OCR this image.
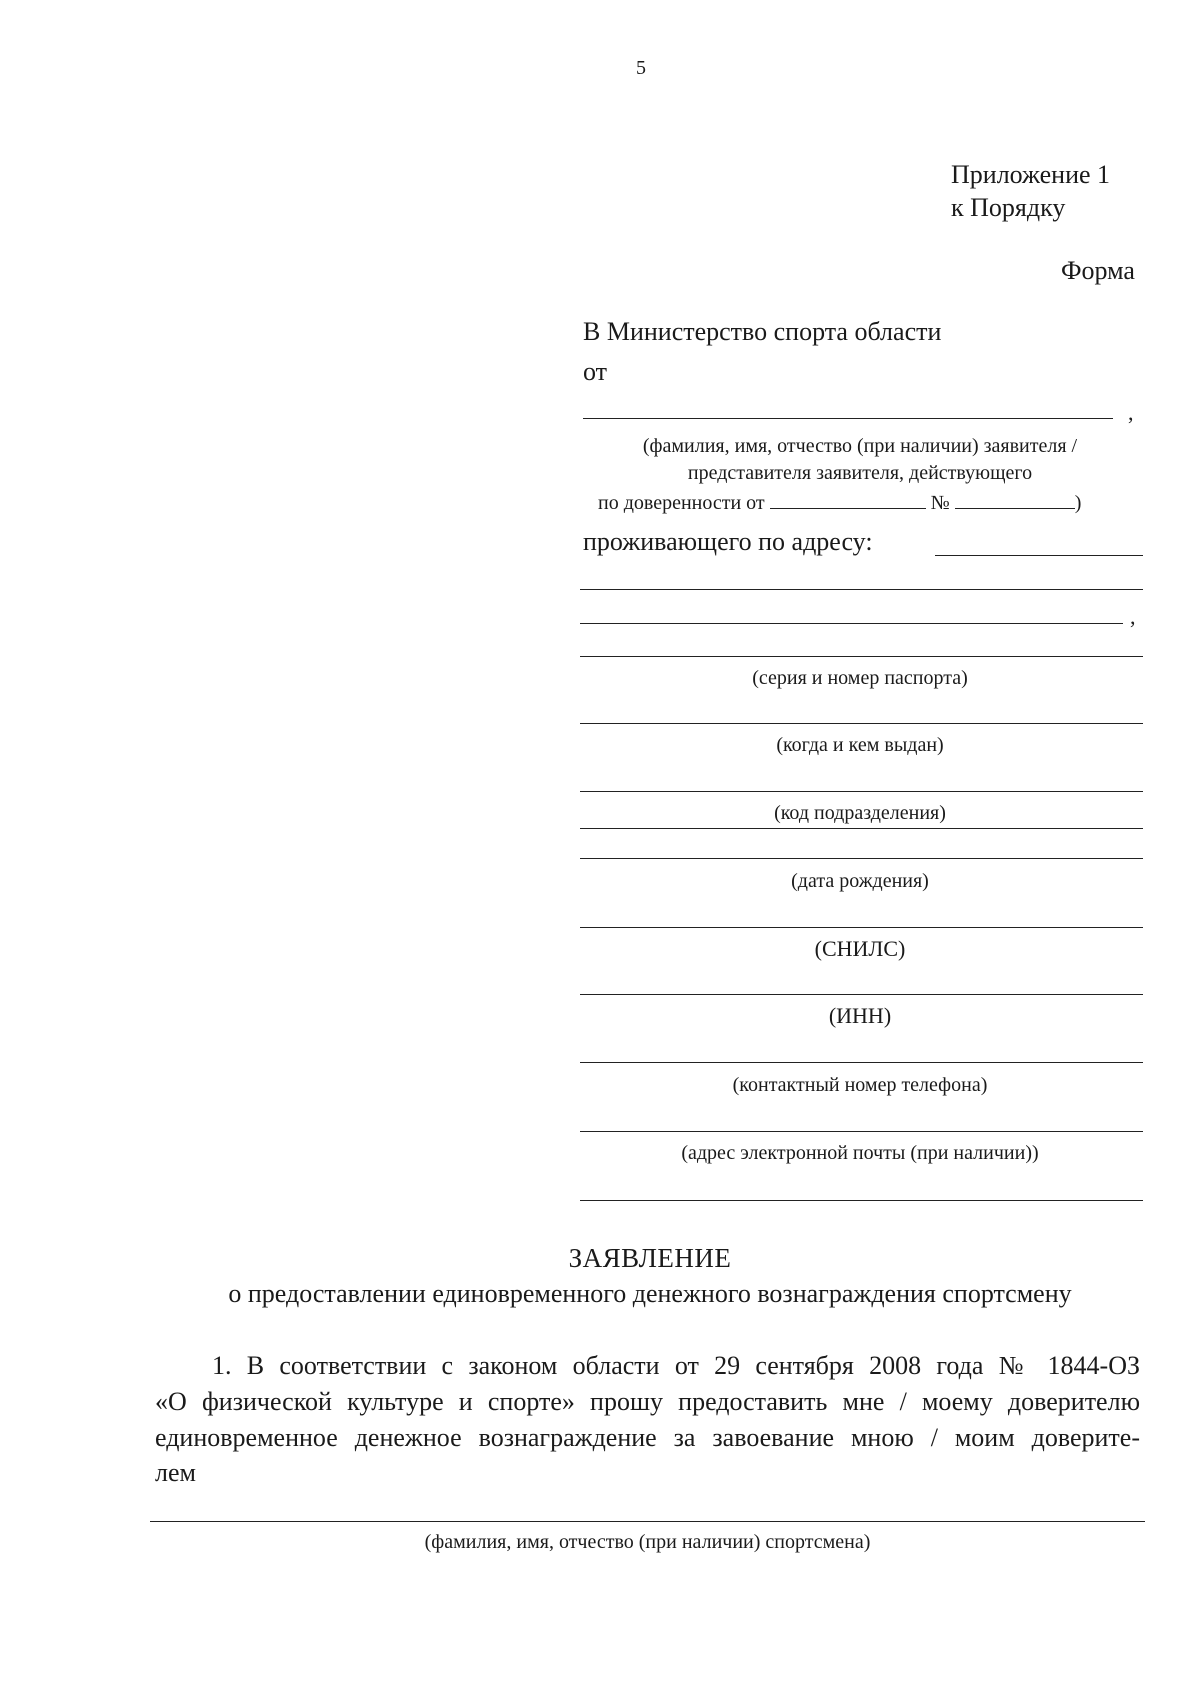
5
Приложение 1
к Порядку
Форма
В Министерство спорта области
от
,
(фамилия, имя, отчество (при наличии) заявителя /
представителя заявителя, действующего
по доверенности от	№	)
проживающего по адресу:
,
(серия и номер паспорта)
(когда и кем выдан)
(код подразделения)
(дата рождения)
(СНИЛС)
(ИНН)
(контактный номер телефона)
(адрес электронной почты (при наличии))
ЗАЯВЛЕНИЕ
о предоставлении единовременного денежного вознаграждения спортсмену
1. В соответствии с законом области от 29 сентября 2008 года № 1844-ОЗ
«О физической культуре и спорте» прошу предоставить мне / моему доверителю
единовременное денежное вознаграждение за завоевание мною / моим доверите-
лем
(фамилия, имя, отчество (при наличии) спортсмена)
